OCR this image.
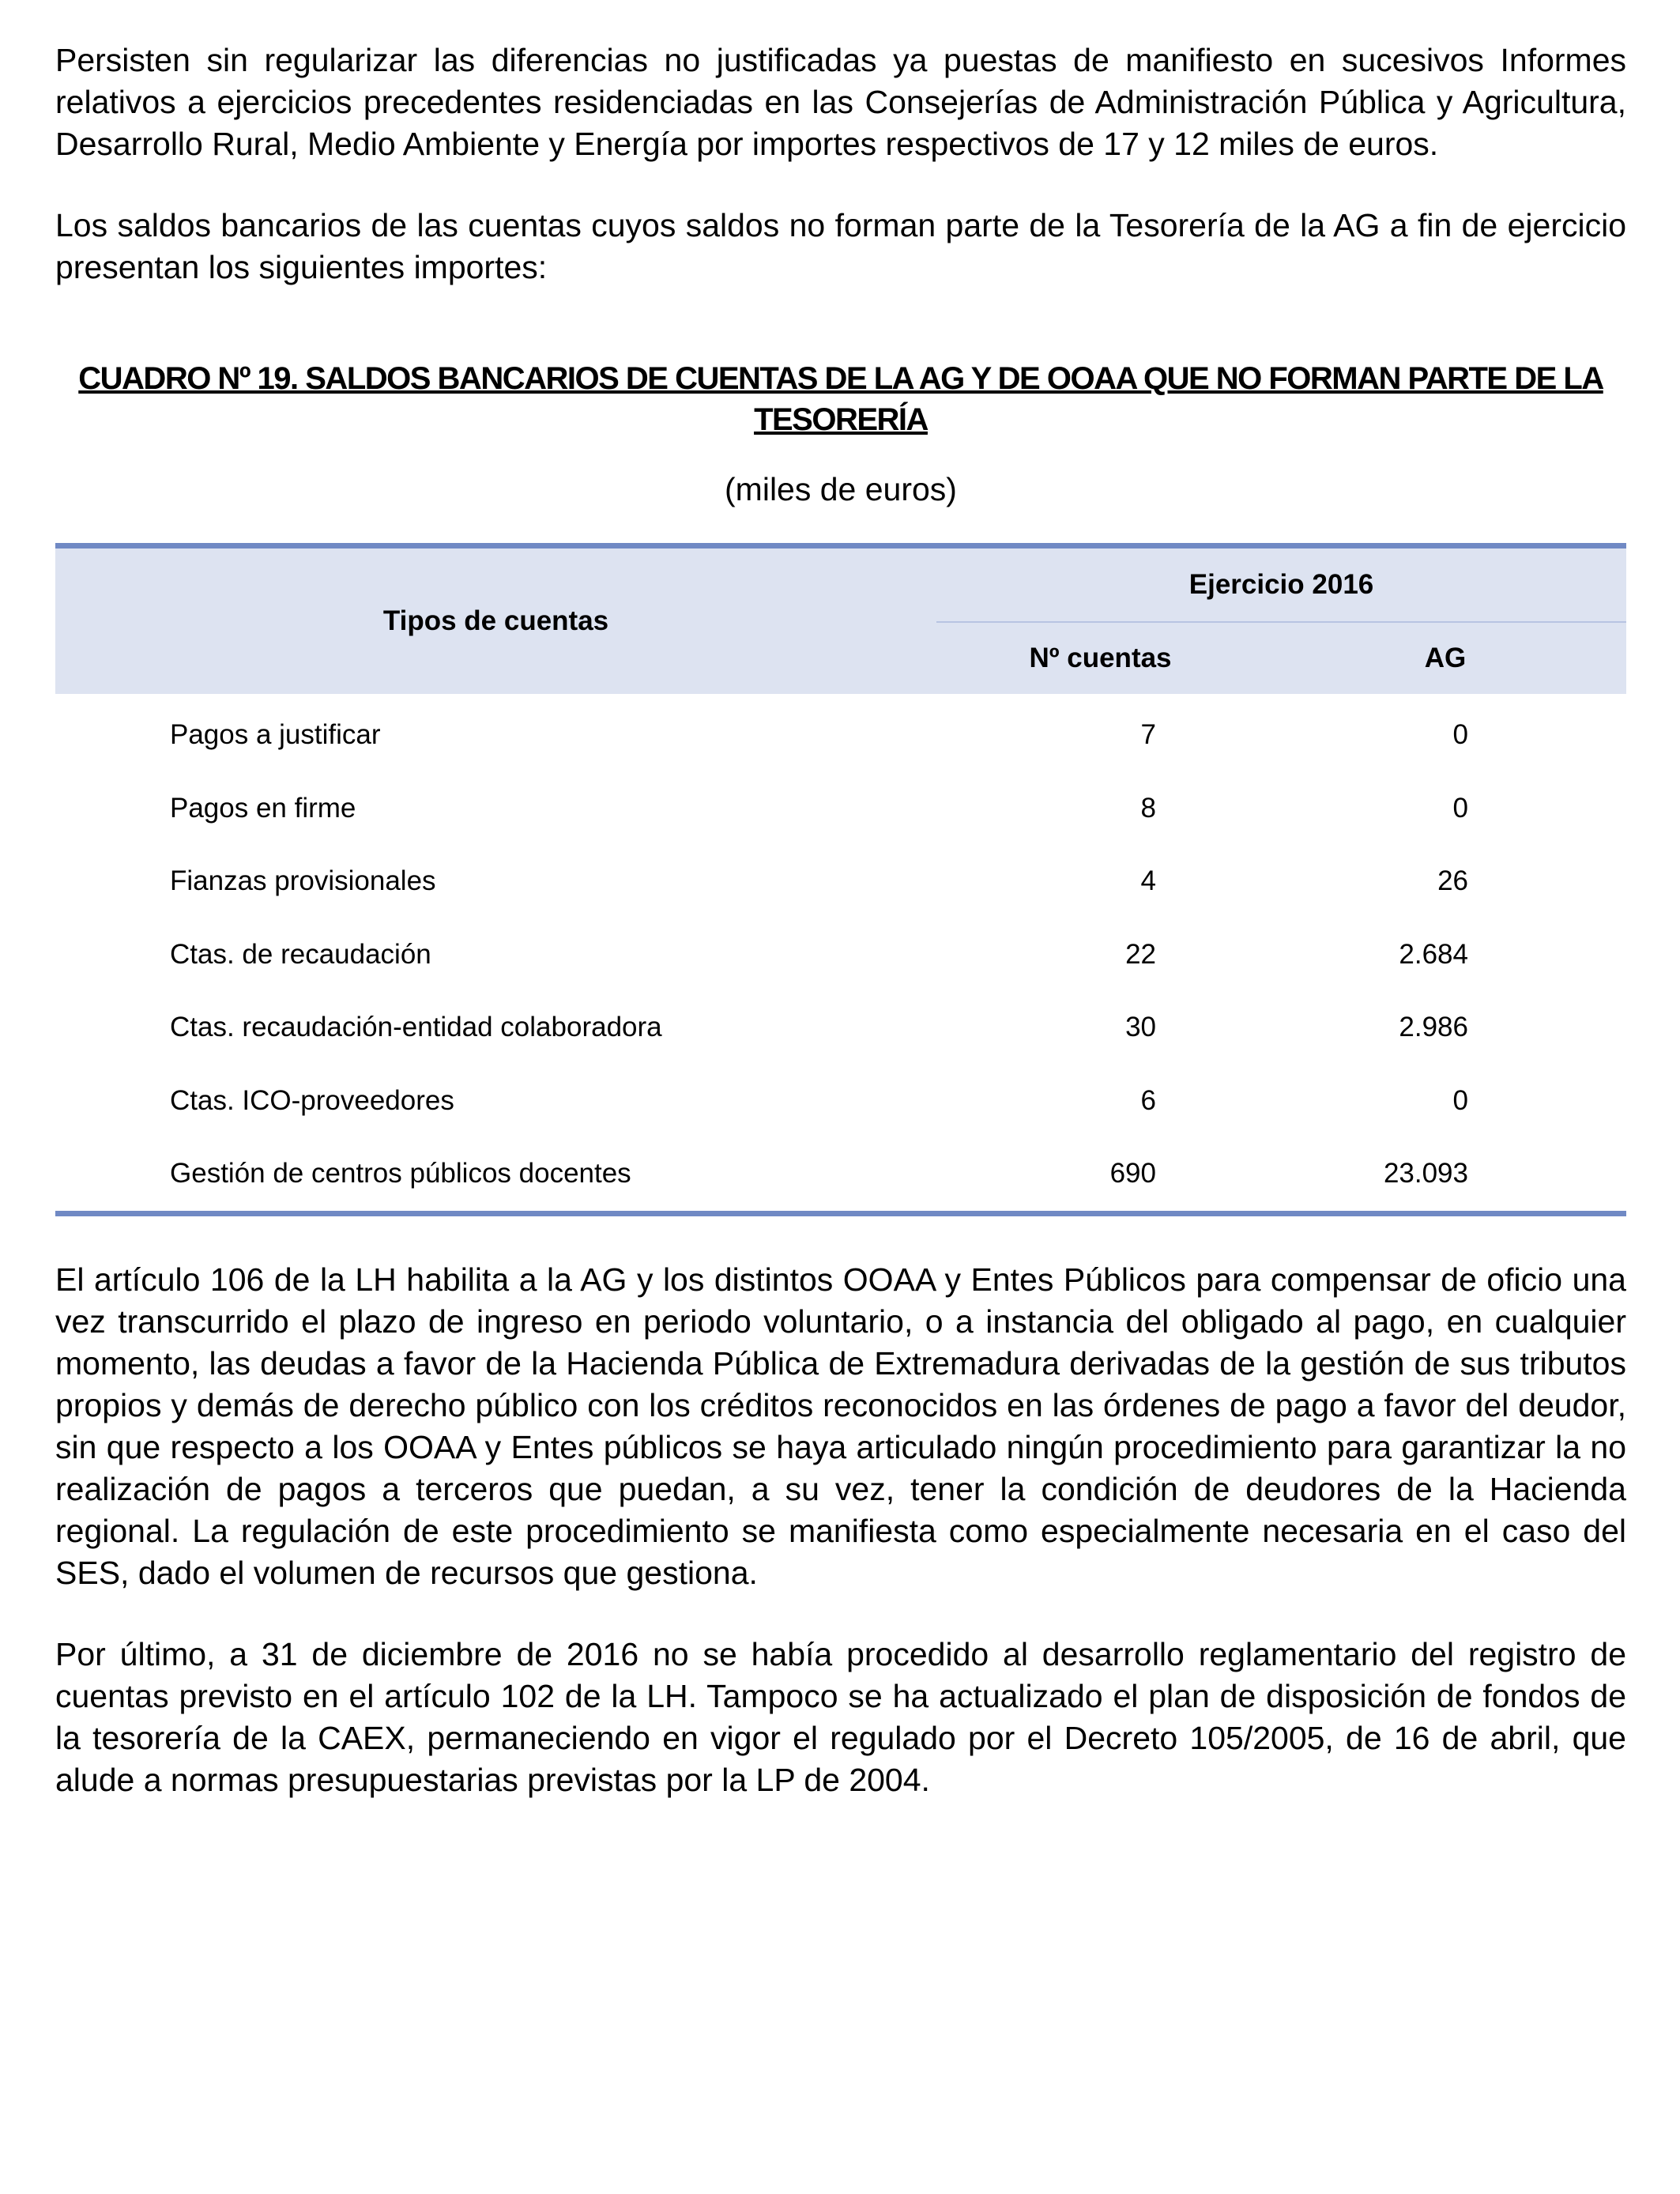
Persisten sin regularizar las diferencias no justificadas ya puestas de manifiesto en sucesivos Informes relativos a ejercicios precedentes residenciadas en las Consejerías de Administración Pública y Agricultura, Desarrollo Rural, Medio Ambiente y Energía por importes respectivos de 17 y 12 miles de euros.

Los saldos bancarios de las cuentas cuyos saldos no forman parte de la Tesorería de la AG a fin de ejercicio presentan los siguientes importes:

CUADRO Nº 19. SALDOS BANCARIOS DE CUENTAS DE LA AG Y DE OOAA QUE NO FORMAN PARTE DE LA TESORERÍA
(miles de euros)
Tipos de cuentas	Ejercicio 2016	
	Nº cuentas	AG
Pagos a justificar	7	0
Pagos en firme	8	0
Fianzas provisionales	4	26
Ctas. de recaudación	22	2.684
Ctas. recaudación-entidad colaboradora	30	2.986
Ctas. ICO-proveedores	6	0
Gestión de centros públicos docentes	690	23.093

El artículo 106 de la LH habilita a la AG y los distintos OOAA y Entes Públicos para compensar de oficio una vez transcurrido el plazo de ingreso en periodo voluntario, o a instancia del obligado al pago, en cualquier momento, las deudas a favor de la Hacienda Pública de Extremadura derivadas de la gestión de sus tributos propios y demás de derecho público con los créditos reconocidos en las órdenes de pago a favor del deudor, sin que respecto a los OOAA y Entes públicos se haya articulado ningún procedimiento para garantizar la no realización de pagos a terceros que puedan, a su vez, tener la condición de deudores de la Hacienda regional. La regulación de este procedimiento se manifiesta como especialmente necesaria en el caso del SES, dado el volumen de recursos que gestiona.

Por último, a 31 de diciembre de 2016 no se había procedido al desarrollo reglamentario del registro de cuentas previsto en el artículo 102 de la LH. Tampoco se ha actualizado el plan de disposición de fondos de la tesorería de la CAEX, permaneciendo en vigor el regulado por el Decreto 105/2005, de 16 de abril, que alude a normas presupuestarias previstas por la LP de 2004.
